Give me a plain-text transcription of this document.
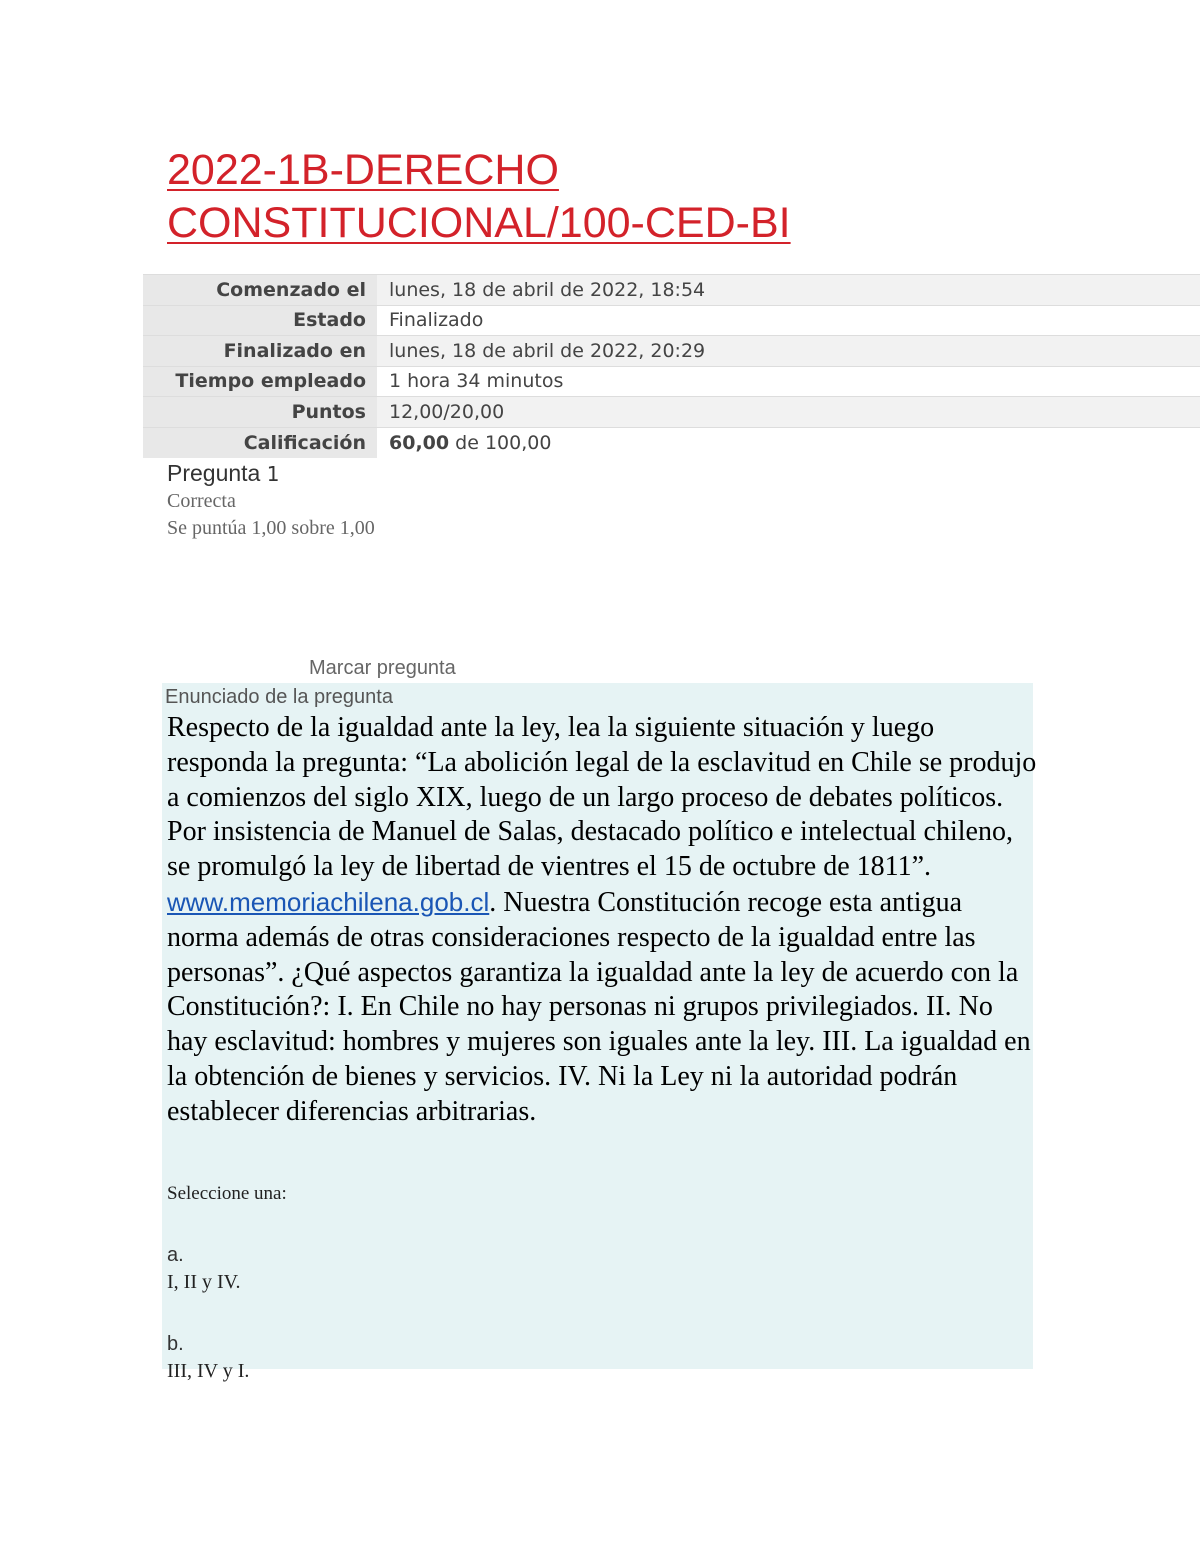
2022-1B-DERECHO
CONSTITUCIONAL/100-CED-BI
Comenzado el	lunes, 18 de abril de 2022, 18:54
Estado	Finalizado
Finalizado en	lunes, 18 de abril de 2022, 20:29
Tiempo empleado	1 hora 34 minutos
Puntos	12,00/20,00
Calificación	60,00 de 100,00
Pregunta 1
Correcta
Se puntúa 1,00 sobre 1,00
Marcar pregunta
Enunciado de la pregunta

Respecto de la igualdad ante la ley, lea la siguiente situación y luego responda la pregunta: “La abolición legal de la esclavitud en Chile se produjo a comienzos del siglo XIX, luego de un largo proceso de debates políticos. Por insistencia de Manuel de Salas, destacado político e intelectual chileno, se promulgó la ley de libertad de vientres el 15 de octubre de 1811”. www.memoriachilena.gob.cl. Nuestra Constitución recoge esta antigua norma además de otras consideraciones respecto de la igualdad entre las personas”. ¿Qué aspectos garantiza la igualdad ante la ley de acuerdo con la Constitución?: I. En Chile no hay personas ni grupos privilegiados. II. No hay esclavitud: hombres y mujeres son iguales ante la ley. III. La igualdad en la obtención de bienes y servicios. IV. Ni la Ley ni la autoridad podrán establecer diferencias arbitrarias.

Seleccione una:
a.
I, II y IV.
b.
III, IV y I.
